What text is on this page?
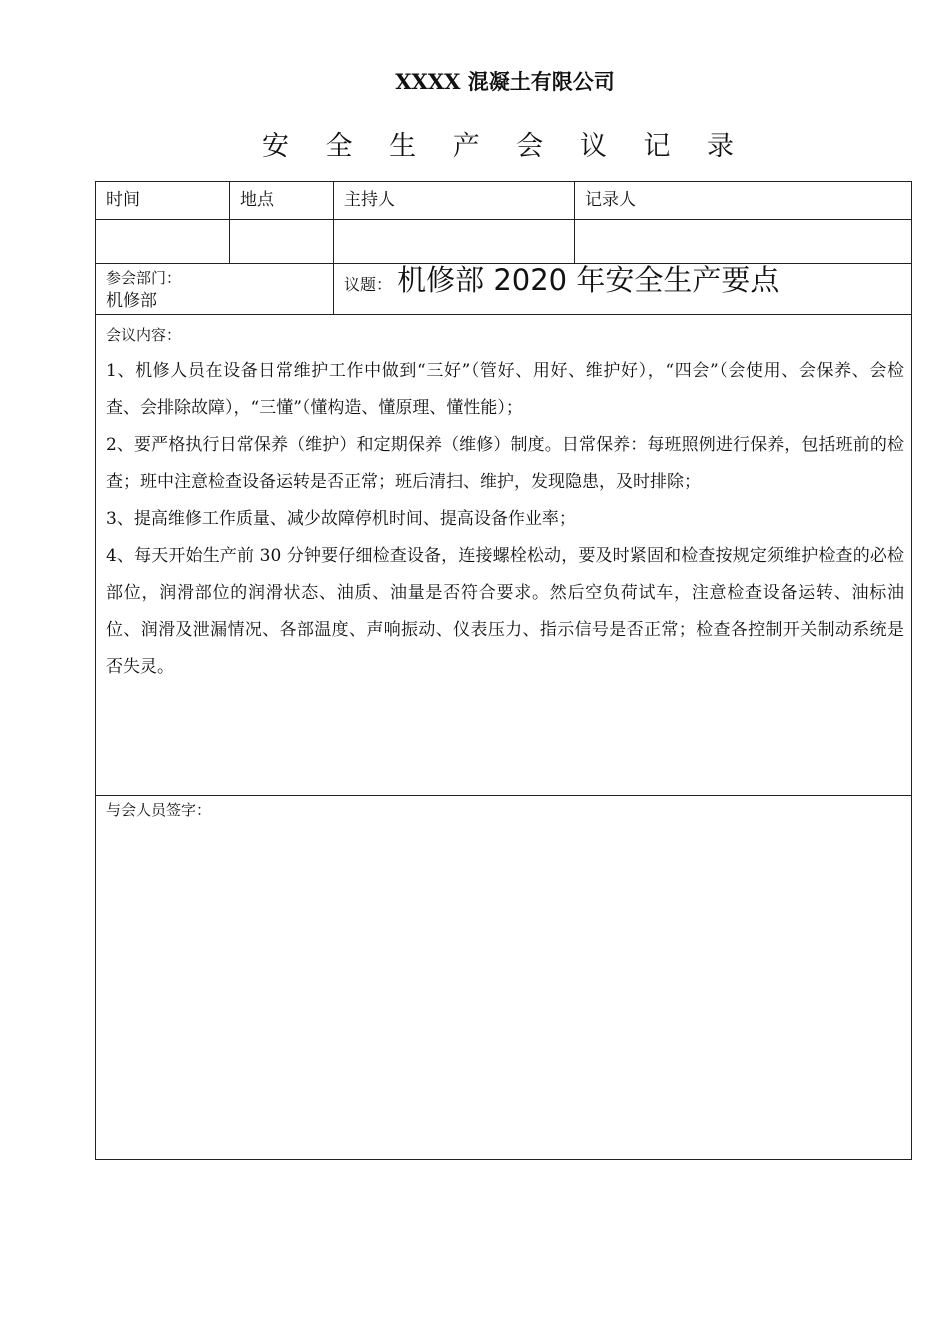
XXXX 混凝土有限公司
安 全 生 产 会 议 记 录
时间	地点	主持人	记录人
参会部门：
机修部
议题： 机修部 2020 年安全生产要点
会议内容：

1、机修人员在设备日常维护工作中做到“三好”（管好、用好、维护好），“四会”（会使用、会保养、会检查、会排除故障），“三懂”（懂构造、懂原理、懂性能）；

2、要严格执行日常保养（维护）和定期保养（维修）制度。日常保养：每班照例进行保养，包括班前的检查；班中注意检查设备运转是否正常；班后清扫、维护，发现隐患，及时排除；

3、提高维修工作质量、减少故障停机时间、提高设备作业率；

4、每天开始生产前 30 分钟要仔细检查设备，连接螺栓松动，要及时紧固和检查按规定须维护检查的必检部位，润滑部位的润滑状态、油质、油量是否符合要求。然后空负荷试车，注意检查设备运转、油标油位、润滑及泄漏情况、各部温度、声响振动、仪表压力、指示信号是否正常；检查各控制开关制动系统是否失灵。

与会人员签字：
